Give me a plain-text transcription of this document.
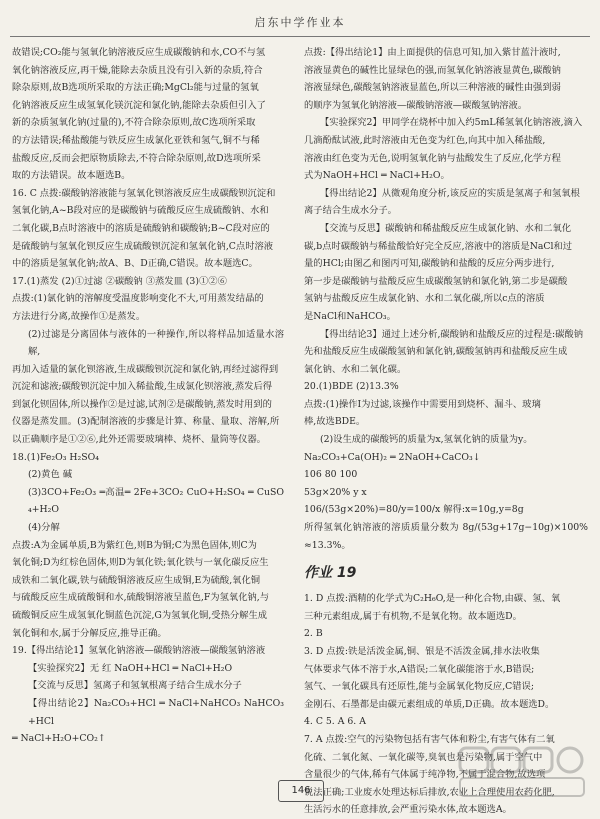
启东中学作业本

故错误;CO₂能与氢氧化钠溶液反应生成碳酸钠和水,CO不与氢

氧化钠溶液反应,再干燥,能除去杂质且没有引入新的杂质,符合

除杂原则,故B选项所采取的方法正确;MgCl₂能与过量的氢氧

化钠溶液反应生成氢氧化镁沉淀和氯化钠,能除去杂质但引入了

新的杂质氢氧化钠(过量的),不符合除杂原则,故C选项所采取

的方法错误;稀盐酸能与铁反应生成氯化亚铁和氢气,铜不与稀

盐酸反应,反而会把原物质除去,不符合除杂原则,故D选项所采

取的方法错误。故本题选B。

16. C 点拨:碳酸钠溶液能与氢氧化钡溶液反应生成碳酸钡沉淀和

氢氧化钠,A~B段对应的是碳酸钠与硫酸反应生成硫酸钠、水和

二氧化碳,B点时溶液中的溶质是硫酸钠和碳酸钠;B~C段对应的

是硫酸钠与氢氧化钡反应生成硫酸钡沉淀和氢氧化钠,C点时溶液

中的溶质是氢氧化钠;故A、B、D正确,C错误。故本题选C。

17.(1)蒸发 (2)①过滤 ②碳酸钠 ③蒸发皿 (3)①②⑥

点拨:(1)氯化钠的溶解度受温度影响变化不大,可用蒸发结晶的

方法进行分离,故操作①是蒸发。

(2)过滤是分离固体与液体的一种操作,所以将样品加适量水溶解,

再加入适量的氯化钡溶液,生成碳酸钡沉淀和氯化钠,再经过滤得到

沉淀和滤液;碳酸钡沉淀中加入稀盐酸,生成氯化钡溶液,蒸发后得

到氯化钡固体,所以操作②是过滤,试剂②是碳酸钠,蒸发时用到的

仪器是蒸发皿。(3)配制溶液的步骤是计算、称量、量取、溶解,所

以正确顺序是①②⑥,此外还需要玻璃棒、烧杯、量筒等仪器。

18.(1)Fe₂O₃ H₂SO₄

(2)黄色 碱

(3)3CO+Fe₂O₃ ═高温═ 2Fe+3CO₂ CuO+H₂SO₄ ═ CuSO₄+H₂O

(4)分解

点拨:A为金属单质,B为紫红色,则B为铜;C为黑色固体,则C为

氧化铜;D为红棕色固体,则D为氧化铁;氧化铁与一氧化碳反应生

成铁和二氧化碳,铁与硫酸铜溶液反应生成铜,E为硫酸,氧化铜

与硫酸反应生成硫酸铜和水,硫酸铜溶液呈蓝色,F为氢氧化钠,与

硫酸铜反应生成氢氧化铜蓝色沉淀,G为氢氧化铜,受热分解生成

氧化铜和水,属于分解反应,推导正确。

19.【得出结论1】氢氧化钠溶液—碳酸钠溶液—碳酸氢钠溶液

【实验探究2】无 红 NaOH+HCl ═ NaCl+H₂O

【交流与反思】氢离子和氢氧根离子结合生成水分子

【得出结论2】Na₂CO₃+HCl ═ NaCl+NaHCO₃ NaHCO₃+HCl

═ NaCl+H₂O+CO₂↑

点拨:【得出结论1】由上面提供的信息可知,加入紫甘蓝汁液时,

溶液显黄色的碱性比显绿色的强,而氢氧化钠溶液显黄色,碳酸钠

溶液显绿色,碳酸氢钠溶液显蓝色,所以三种溶液的碱性由强到弱

的顺序为氢氧化钠溶液—碳酸钠溶液—碳酸氢钠溶液。

【实验探究2】甲同学在烧杯中加入约5mL稀氢氧化钠溶液,滴入

几滴酚酞试液,此时溶液由无色变为红色,向其中加入稀盐酸,

溶液由红色变为无色,说明氢氧化钠与盐酸发生了反应,化学方程

式为NaOH+HCl ═ NaCl+H₂O。

【得出结论2】从微观角度分析,该反应的实质是氢离子和氢氧根

离子结合生成水分子。

【交流与反思】碳酸钠和稀盐酸反应生成氯化钠、水和二氧化

碳,b点时碳酸钠与稀盐酸恰好完全反应,溶液中的溶质是NaCl和过

量的HCl;由图乙和图丙可知,碳酸钠和盐酸的反应分两步进行,

第一步是碳酸钠与盐酸反应生成碳酸氢钠和氯化钠,第二步是碳酸

氢钠与盐酸反应生成氯化钠、水和二氧化碳,所以c点的溶质

是NaCl和NaHCO₃。

【得出结论3】通过上述分析,碳酸钠和盐酸反应的过程是:碳酸钠

先和盐酸反应生成碳酸氢钠和氯化钠,碳酸氢钠再和盐酸反应生成

氯化钠、水和二氧化碳。

20.(1)BDE (2)13.3%

点拨:(1)操作Ⅰ为过滤,该操作中需要用到烧杯、漏斗、玻璃

棒,故选BDE。

(2)设生成的碳酸钙的质量为x,氢氧化钠的质量为y。

Na₂CO₃+Ca(OH)₂ ═ 2NaOH+CaCO₃↓

106 80 100

53g×20% y x

106/(53g×20%)=80/y=100/x 解得:x=10g,y=8g

所得氢氧化钠溶液的溶质质量分数为 8g/(53g+17g−10g)×100%≈13.3%。

作业 19

1. D 点拨:酒精的化学式为C₂H₆O,是一种化合物,由碳、氢、氧

三种元素组成,属于有机物,不是氧化物。故本题选D。

2. B

3. D 点拨:铁是活泼金属,铜、银是不活泼金属,排水法收集

气体要求气体不溶于水,A错误;二氧化碳能溶于水,B错误;

氢气、一氧化碳具有还原性,能与金属氧化物反应,C错误;

金刚石、石墨都是由碳元素组成的单质,D正确。故本题选D。

4. C 5. A 6. A

7. A 点拨:空气的污染物包括有害气体和粉尘,有害气体有二氧

化硫、二氧化氮、一氧化碳等,臭氧也是污染物,属于空气中

含量很少的气体,稀有气体属于纯净物,不属于混合物,故选项

说法正确;工业废水处理达标后排放,农业上合理使用农药化肥,

生活污水的任意排放,会严重污染水体,故本题选A。

146
